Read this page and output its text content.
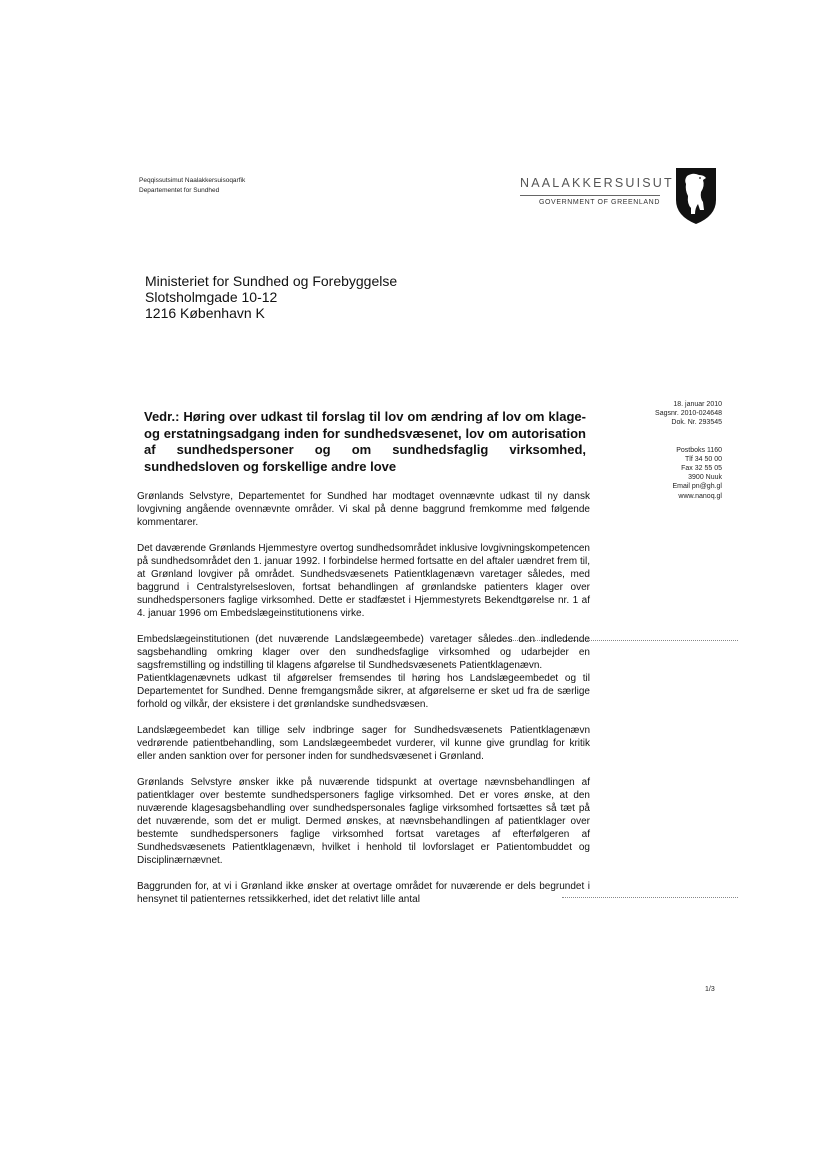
Peqqissutsimut Naalakkersuisoqarfik
Departementet for Sundhed
NAALAKKERSUISUT
GOVERNMENT OF GREENLAND
Ministeriet for Sundhed og Forebyggelse
Slotsholmgade 10-12
1216 København K
18. januar 2010
Sagsnr. 2010-024648
Dok. Nr. 293545
Postboks 1160
Tlf 34 50 00
Fax 32 55 05
3900 Nuuk
Email pn@gh.gl
www.nanoq.gl
Vedr.: Høring over udkast til forslag til lov om ændring af lov om klage- og erstatningsadgang inden for sundhedsvæsenet, lov om autorisation af sundhedspersoner og om sundhedsfaglig virksomhed, sundhedsloven og forskellige andre love

Grønlands Selvstyre, Departementet for Sundhed har modtaget ovennævnte udkast til ny dansk lovgivning angående ovennævnte områder. Vi skal på denne baggrund fremkomme med følgende kommentarer.

Det daværende Grønlands Hjemmestyre overtog sundhedsområdet inklusive lovgivningskompetencen på sundhedsområdet den 1. januar 1992. I forbindelse hermed fortsatte en del aftaler uændret frem til, at Grønland lovgiver på området. Sundhedsvæsenets Patientklagenævn varetager således, med baggrund i Centralstyrelsesloven, fortsat behandlingen af grønlandske patienters klager over sundhedspersoners faglige virksomhed. Dette er stadfæstet i Hjemmestyrets Bekendtgørelse nr. 1 af 4. januar 1996 om Embedslægeinstitutionens virke.

Embedslægeinstitutionen (det nuværende Landslægeembede) varetager således den indledende sagsbehandling omkring klager over den sundhedsfaglige virksomhed og udarbejder en sagsfremstilling og indstilling til klagens afgørelse til Sundhedsvæsenets Patientklagenævn.

Patientklagenævnets udkast til afgørelser fremsendes til høring hos Landslægeembedet og til Departementet for Sundhed. Denne fremgangsmåde sikrer, at afgørelserne er sket ud fra de særlige forhold og vilkår, der eksistere i det grønlandske sundhedsvæsen.

Landslægeembedet kan tillige selv indbringe sager for Sundhedsvæsenets Patientklagenævn vedrørende patientbehandling, som Landslægeembedet vurderer, vil kunne give grundlag for kritik eller anden sanktion over for personer inden for sundhedsvæsenet i Grønland.

Grønlands Selvstyre ønsker ikke på nuværende tidspunkt at overtage nævnsbehandlingen af patientklager over bestemte sundhedspersoners faglige virksomhed. Det er vores ønske, at den nuværende klagesagsbehandling over sundhedspersonales faglige virksomhed fortsættes så tæt på det nuværende, som det er muligt. Dermed ønskes, at nævnsbehandlingen af patientklager over bestemte sundhedspersoners faglige virksomhed fortsat varetages af efterfølgeren af Sundhedsvæsenets Patientklagenævn, hvilket i henhold til lovforslaget er Patientombuddet og Disciplinærnævnet.

Baggrunden for, at vi i Grønland ikke ønsker at overtage området for nuværende er dels begrundet i hensynet til patienternes retssikkerhed, idet det relativt lille antal

1/3
